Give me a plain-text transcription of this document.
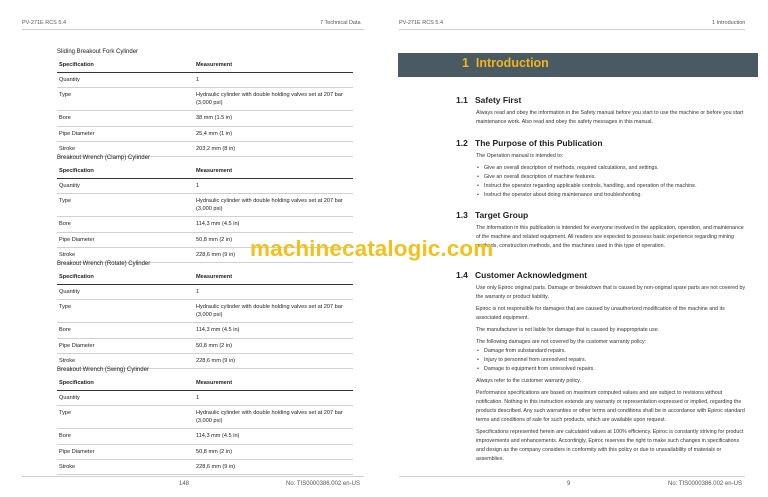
PV-271E RCS 5.4	7 Technical Data
Sliding Breakout Fork Cylinder
Specification	Measurement
Quantity	1
Type	Hydraulic cylinder with double holding valves set at 207 bar (3,000 psi)
Bore	38 mm (1.5 in)
Pipe Diameter	25,4 mm (1 in)
Stroke	203,2 mm (8 in)
Breakout Wrench (Clamp) Cylinder
Specification	Measurement
Quantity	1
Type	Hydraulic cylinder with double holding valves set at 207 bar (3,000 psi)
Bore	114,3 mm (4.5 in)
Pipe Diameter	50,8 mm (2 in)
Stroke	228,6 mm (9 in)
Breakout Wrench (Rotate) Cylinder
Specification	Measurement
Quantity	1
Type	Hydraulic cylinder with double holding valves set at 207 bar (3,000 psi)
Bore	114,3 mm (4.5 in)
Pipe Diameter	50,8 mm (2 in)
Stroke	228,6 mm (9 in)
Breakout Wrench (Swing) Cylinder
Specification	Measurement
Quantity	1
Type	Hydraulic cylinder with double holding valves set at 207 bar (3,000 psi)
Bore	114,3 mm (4.5 in)
Pipe Diameter	50,8 mm (2 in)
Stroke	228,6 mm (9 in)
148	No: TIS0000386.002 en-US
PV-271E RCS 5.4	1 Introduction
1 Introduction
1.1 Safety First

Always read and obey the information in the Safety manual before you start to use the machine or before you start maintenance work. Also read and obey the safety messages in this manual.

1.2 The Purpose of this Publication

The Operation manual is intended to:

• Give an overall description of methods, required calculations, and settings.
• Give an overall description of machine features.
• Instruct the operator regarding applicable controls, handling, and operation of the machine.
• Instruct the operator about doing maintenance and troubleshooting.
1.3 Target Group

The information in this publication is intended for everyone involved in the application, operation, and maintenance of the machine and related equipment. All readers are expected to possess basic experience regarding mining methods, construction methods, and the machines used in this type of operation.

1.4 Customer Acknowledgment

Use only Epiroc original parts. Damage or breakdown that is caused by non-original spare parts are not covered by the warranty or product liability.

Epiroc is not responsible for damages that are caused by unauthorized modification of the machine and its associated equipment.

The manufacturer is not liable for damage that is caused by inappropriate use.

The following damages are not covered by the customer warranty policy:

• Damage from substandard repairs.
• Injury to personnel from unresolved repairs.
• Damage to equipment from unresolved repairs.

Always refer to the customer warranty policy.

Performance specifications are based on maximum computed values and are subject to revisions without notification. Nothing in this instruction extends any warranty or representation expressed or implied, regarding the products described. Any such warranties or other terms and conditions shall be in accordance with Epiroc standard terms and conditions of sale for such products, which are available upon request.

Specifications represented herein are calculated values at 100% efficiency. Epiroc is constantly striving for product improvements and enhancements. Accordingly, Epiroc reserves the right to make such changes in specifications and design as the company considers in conformity with this policy or due to unavailability of materials or assemblies.

9	No: TIS0000386.002 en-US
machinecatalogic.com
